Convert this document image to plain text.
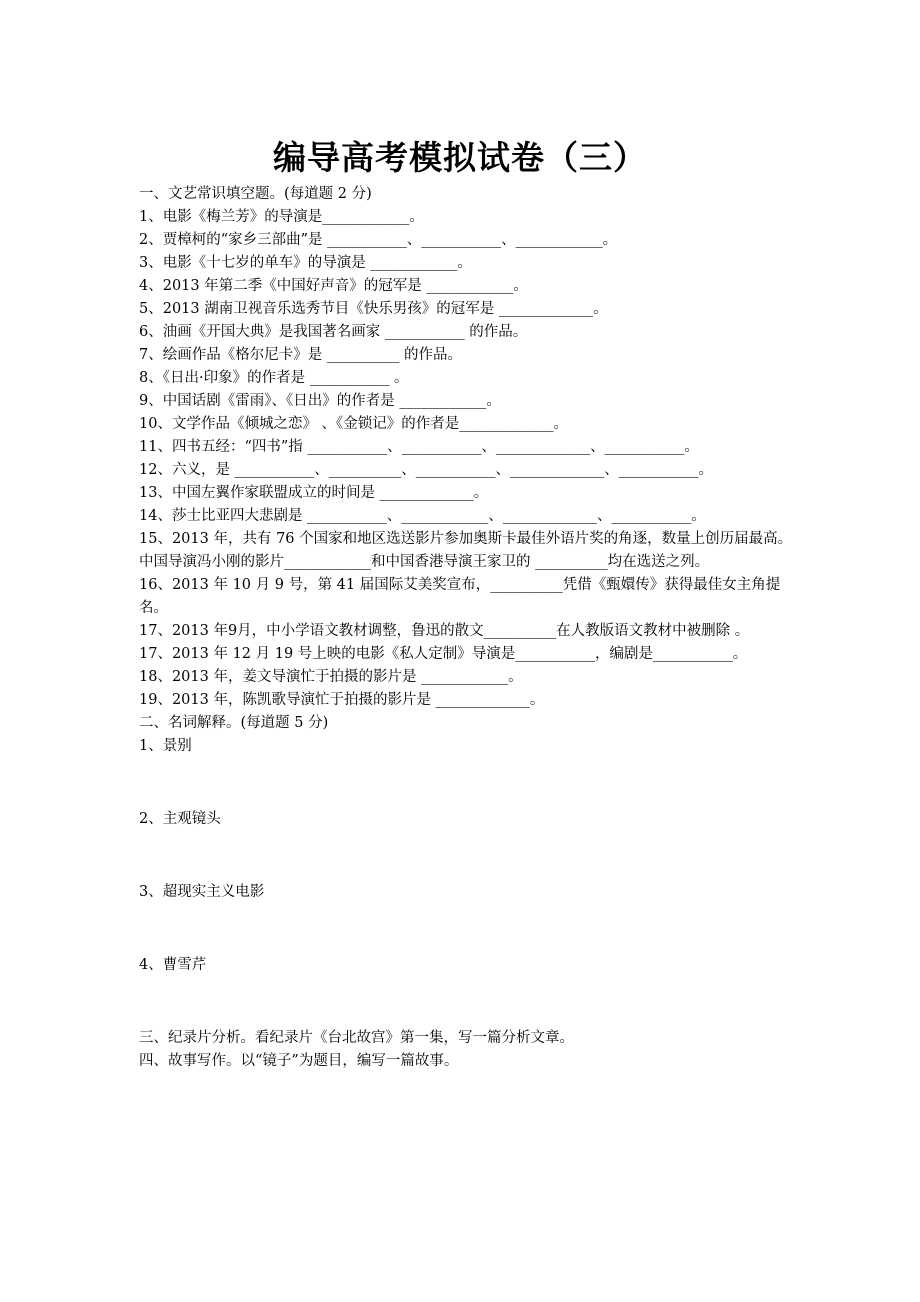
编导高考模拟试卷（三）
一、文艺常识填空题。(每道题 2 分)
1、电影《梅兰芳》的导演是____________。
2、贾樟柯的“家乡三部曲”是 ___________、___________、____________。
3、电影《十七岁的单车》的导演是 ____________。
4、2013 年第二季《中国好声音》的冠军是 ____________。
5、2013 湖南卫视音乐选秀节目《快乐男孩》的冠军是 _____________。
6、油画《开国大典》是我国著名画家 ___________ 的作品。
7、绘画作品《格尔尼卡》是 __________ 的作品。
8、《日出·印象》的作者是 ___________ 。
9、中国话剧《雷雨》、《日出》的作者是 ____________。
10、文学作品《倾城之恋》 、《金锁记》的作者是_____________。
11、四书五经：“四书”指 ___________、___________、_____________、___________。
12、六义，是 ___________、__________、___________、_____________、___________。
13、中国左翼作家联盟成立的时间是 _____________。
14、莎士比亚四大悲剧是 ___________、____________、_____________、___________。
15、2013 年，共有 76 个国家和地区选送影片参加奥斯卡最佳外语片奖的角逐，数量上创历届最高。中国导演冯小刚的影片____________和中国香港导演王家卫的 __________均在选送之列。
16、2013 年 10 月 9 号，第 41 届国际艾美奖宣布，__________凭借《甄嬛传》获得最佳女主角提名。
17、2013 年9月，中小学语文教材调整，鲁迅的散文__________在人教版语文教材中被删除 。
17、2013 年 12 月 19 号上映的电影《私人定制》导演是___________，编剧是___________。
18、2013 年，姜文导演忙于拍摄的影片是 ____________。
19、2013 年，陈凯歌导演忙于拍摄的影片是 _____________。
二、名词解释。(每道题 5 分)
1、景别
2、主观镜头
3、超现实主义电影
4、曹雪芹
三、纪录片分析。看纪录片《台北故宫》第一集，写一篇分析文章。
四、故事写作。以“镜子”为题目，编写一篇故事。
